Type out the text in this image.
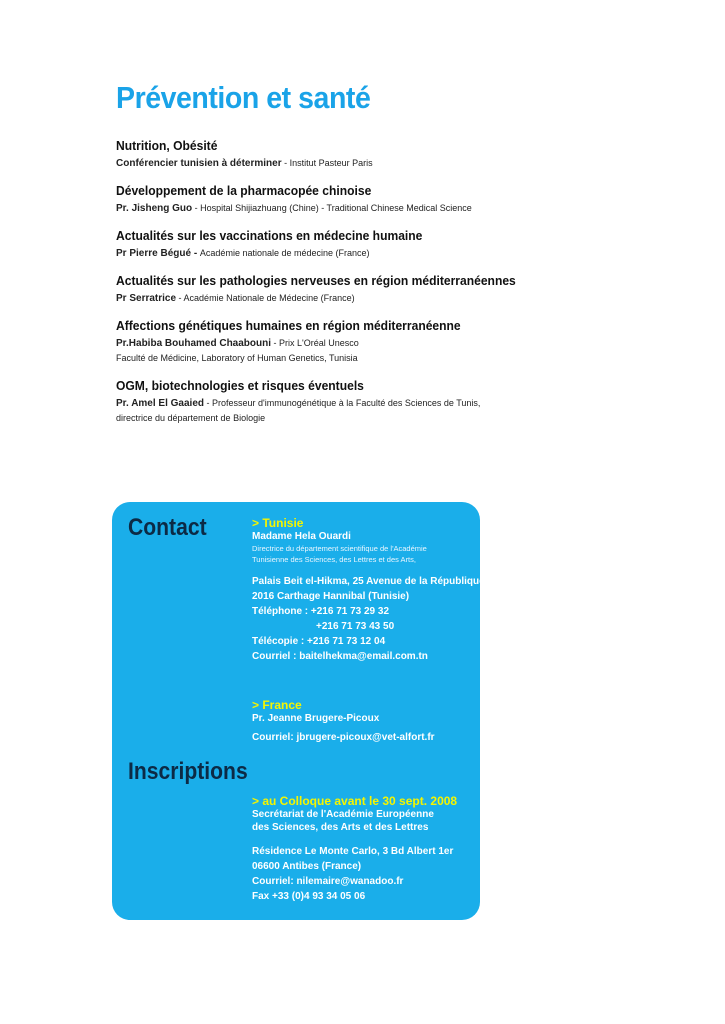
Prévention et santé
Nutrition, Obésité
Conférencier tunisien à déterminer - Institut Pasteur Paris
Développement de la pharmacopée chinoise
Pr. Jisheng Guo - Hospital Shijiazhuang (Chine) - Traditional Chinese Medical Science
Actualités sur les vaccinations en médecine humaine
Pr Pierre Bégué - Académie nationale de médecine (France)
Actualités sur les pathologies nerveuses en région méditerranéennes
Pr Serratrice - Académie Nationale de Médecine (France)
Affections génétiques humaines en région méditerranéenne
Pr.Habiba Bouhamed Chaabouni - Prix L'Oréal Unesco
Faculté de Médicine, Laboratory of Human Genetics, Tunisia
OGM, biotechnologies et risques éventuels
Pr. Amel El Gaaied - Professeur d'immunogénétique à la Faculté des Sciences de Tunis,
directrice du département de Biologie
Contact	> Tunisie
Madame Hela Ouardi
Directrice du département scientifique de l'Académie
Tunisienne des Sciences, des Lettres et des Arts,
Palais Beit el-Hikma, 25 Avenue de la République
2016 Carthage Hannibal (Tunisie)
Téléphone : +216 71 73 29 32
+216 71 73 43 50
Télécopie : +216 71 73 12 04
Courriel : baitelhekma@email.com.tn
> France
Pr. Jeanne Brugere-Picoux
Courriel: jbrugere-picoux@vet-alfort.fr
Inscriptions
> au Colloque avant le 30 sept. 2008
Secrétariat de l'Académie Européenne
des Sciences, des Arts et des Lettres
Résidence Le Monte Carlo, 3 Bd Albert 1er
06600 Antibes (France)
Courriel: nilemaire@wanadoo.fr
Fax +33 (0)4 93 34 05 06
